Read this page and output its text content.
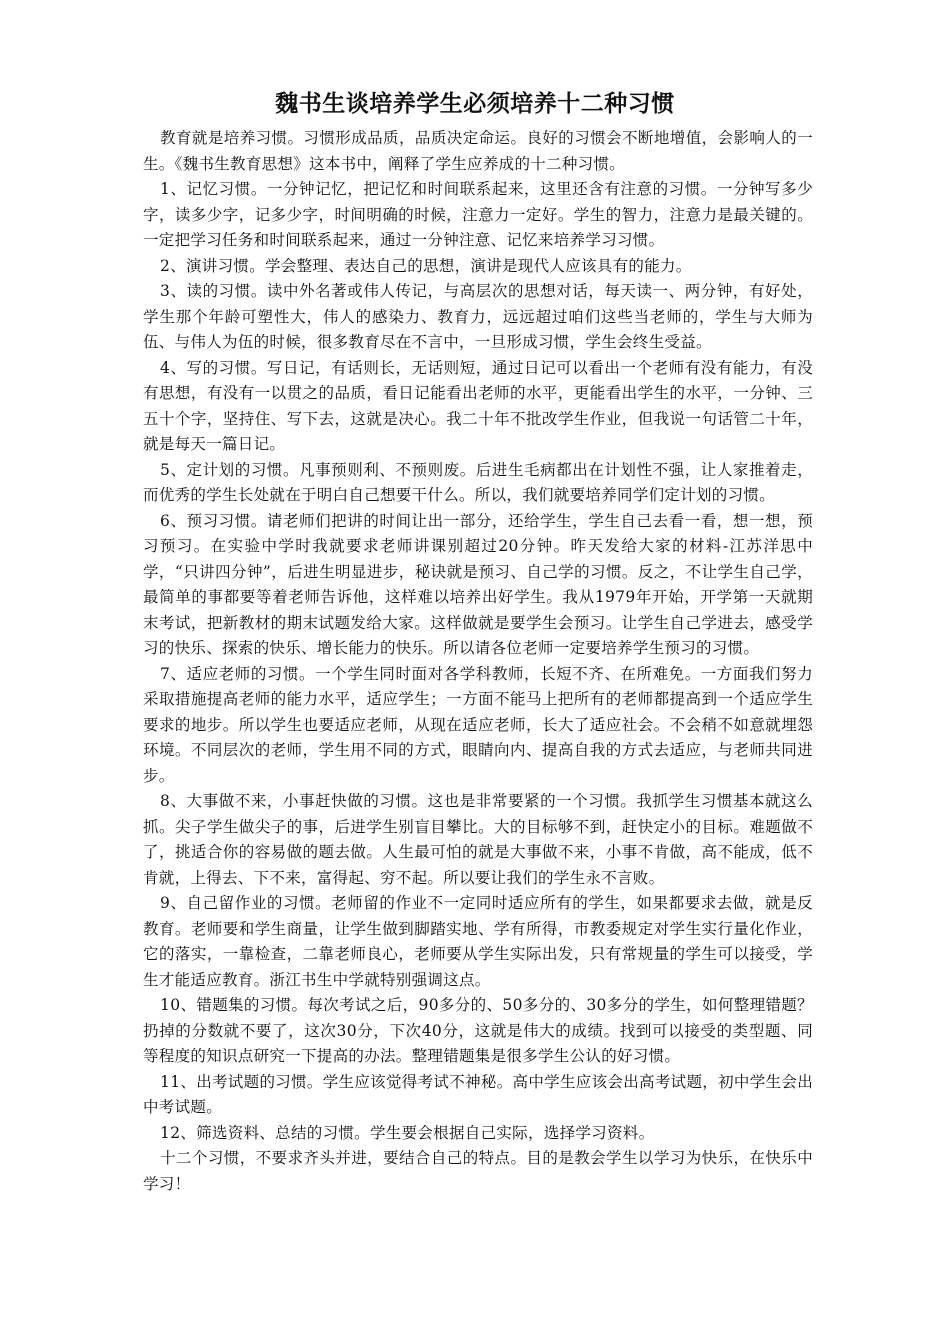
魏书生谈培养学生必须培养十二种习惯

教育就是培养习惯。习惯形成品质，品质决定命运。良好的习惯会不断地增值，会影响人的一生。《魏书生教育思想》这本书中，阐释了学生应养成的十二种习惯。

1、记忆习惯。一分钟记忆，把记忆和时间联系起来，这里还含有注意的习惯。一分钟写多少字，读多少字，记多少字，时间明确的时候，注意力一定好。学生的智力，注意力是最关键的。一定把学习任务和时间联系起来，通过一分钟注意、记忆来培养学习习惯。

2、演讲习惯。学会整理、表达自己的思想，演讲是现代人应该具有的能力。

3、读的习惯。读中外名著或伟人传记，与高层次的思想对话，每天读一、两分钟，有好处，学生那个年龄可塑性大，伟人的感染力、教育力，远远超过咱们这些当老师的，学生与大师为伍、与伟人为伍的时候，很多教育尽在不言中，一旦形成习惯，学生会终生受益。

4、写的习惯。写日记，有话则长，无话则短，通过日记可以看出一个老师有没有能力，有没有思想，有没有一以贯之的品质，看日记能看出老师的水平，更能看出学生的水平，一分钟、三五十个字，坚持住、写下去，这就是决心。我二十年不批改学生作业，但我说一句话管二十年，就是每天一篇日记。

5、定计划的习惯。凡事预则利、不预则废。后进生毛病都出在计划性不强，让人家推着走，而优秀的学生长处就在于明白自己想要干什么。所以，我们就要培养同学们定计划的习惯。

6、预习习惯。请老师们把讲的时间让出一部分，还给学生，学生自己去看一看，想一想，预习预习。在实验中学时我就要求老师讲课别超过20分钟。昨天发给大家的材料-江苏洋思中学，“只讲四分钟”，后进生明显进步，秘诀就是预习、自己学的习惯。反之，不让学生自己学，最简单的事都要等着老师告诉他，这样难以培养出好学生。我从1979年开始，开学第一天就期末考试，把新教材的期末试题发给大家。这样做就是要学生会预习。让学生自己学进去，感受学习的快乐、探索的快乐、增长能力的快乐。所以请各位老师一定要培养学生预习的习惯。

7、适应老师的习惯。一个学生同时面对各学科教师，长短不齐、在所难免。一方面我们努力采取措施提高老师的能力水平，适应学生；一方面不能马上把所有的老师都提高到一个适应学生要求的地步。所以学生也要适应老师，从现在适应老师，长大了适应社会。不会稍不如意就埋怨环境。不同层次的老师，学生用不同的方式，眼睛向内、提高自我的方式去适应，与老师共同进步。

8、大事做不来，小事赶快做的习惯。这也是非常要紧的一个习惯。我抓学生习惯基本就这么抓。尖子学生做尖子的事，后进学生别盲目攀比。大的目标够不到，赶快定小的目标。难题做不了，挑适合你的容易做的题去做。人生最可怕的就是大事做不来，小事不肯做，高不能成，低不肯就，上得去、下不来，富得起、穷不起。所以要让我们的学生永不言败。

9、自己留作业的习惯。老师留的作业不一定同时适应所有的学生，如果都要求去做，就是反教育。老师要和学生商量，让学生做到脚踏实地、学有所得，市教委规定对学生实行量化作业，它的落实，一靠检查，二靠老师良心，老师要从学生实际出发，只有常规量的学生可以接受，学生才能适应教育。浙江书生中学就特别强调这点。

10、错题集的习惯。每次考试之后，90多分的、50多分的、30多分的学生，如何整理错题？扔掉的分数就不要了，这次30分，下次40分，这就是伟大的成绩。找到可以接受的类型题、同等程度的知识点研究一下提高的办法。整理错题集是很多学生公认的好习惯。

11、出考试题的习惯。学生应该觉得考试不神秘。高中学生应该会出高考试题，初中学生会出中考试题。

12、筛选资料、总结的习惯。学生要会根据自己实际，选择学习资料。

十二个习惯，不要求齐头并进，要结合自己的特点。目的是教会学生以学习为快乐，在快乐中学习！
